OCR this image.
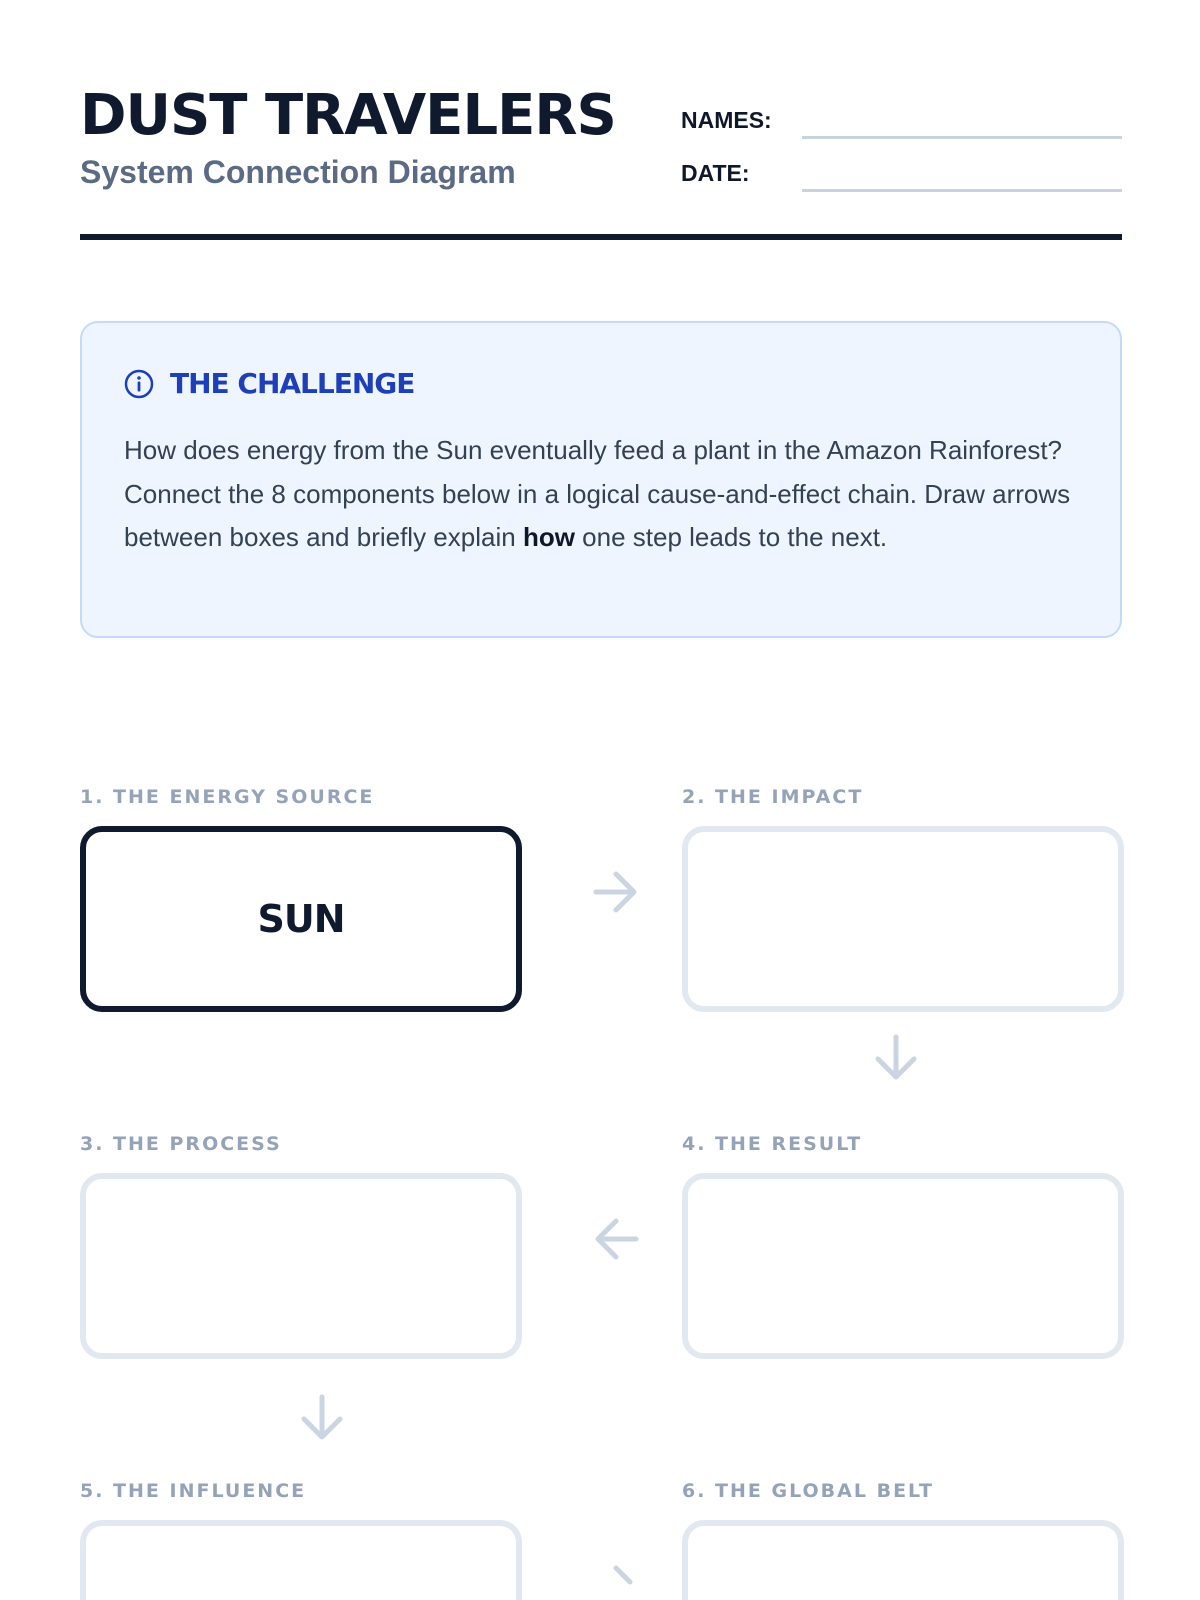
DUST TRAVELERS
System Connection Diagram
NAMES:
DATE:
THE CHALLENGE

How does energy from the Sun eventually feed a plant in the Amazon Rainforest? Connect the 8 components below in a logical cause-and-effect chain. Draw arrows between boxes and briefly explain how one step leads to the next.

1. THE ENERGY SOURCE
SUN
2. THE IMPACT
3. THE PROCESS	4. THE RESULT
5. THE INFLUENCE	6. THE GLOBAL BELT
